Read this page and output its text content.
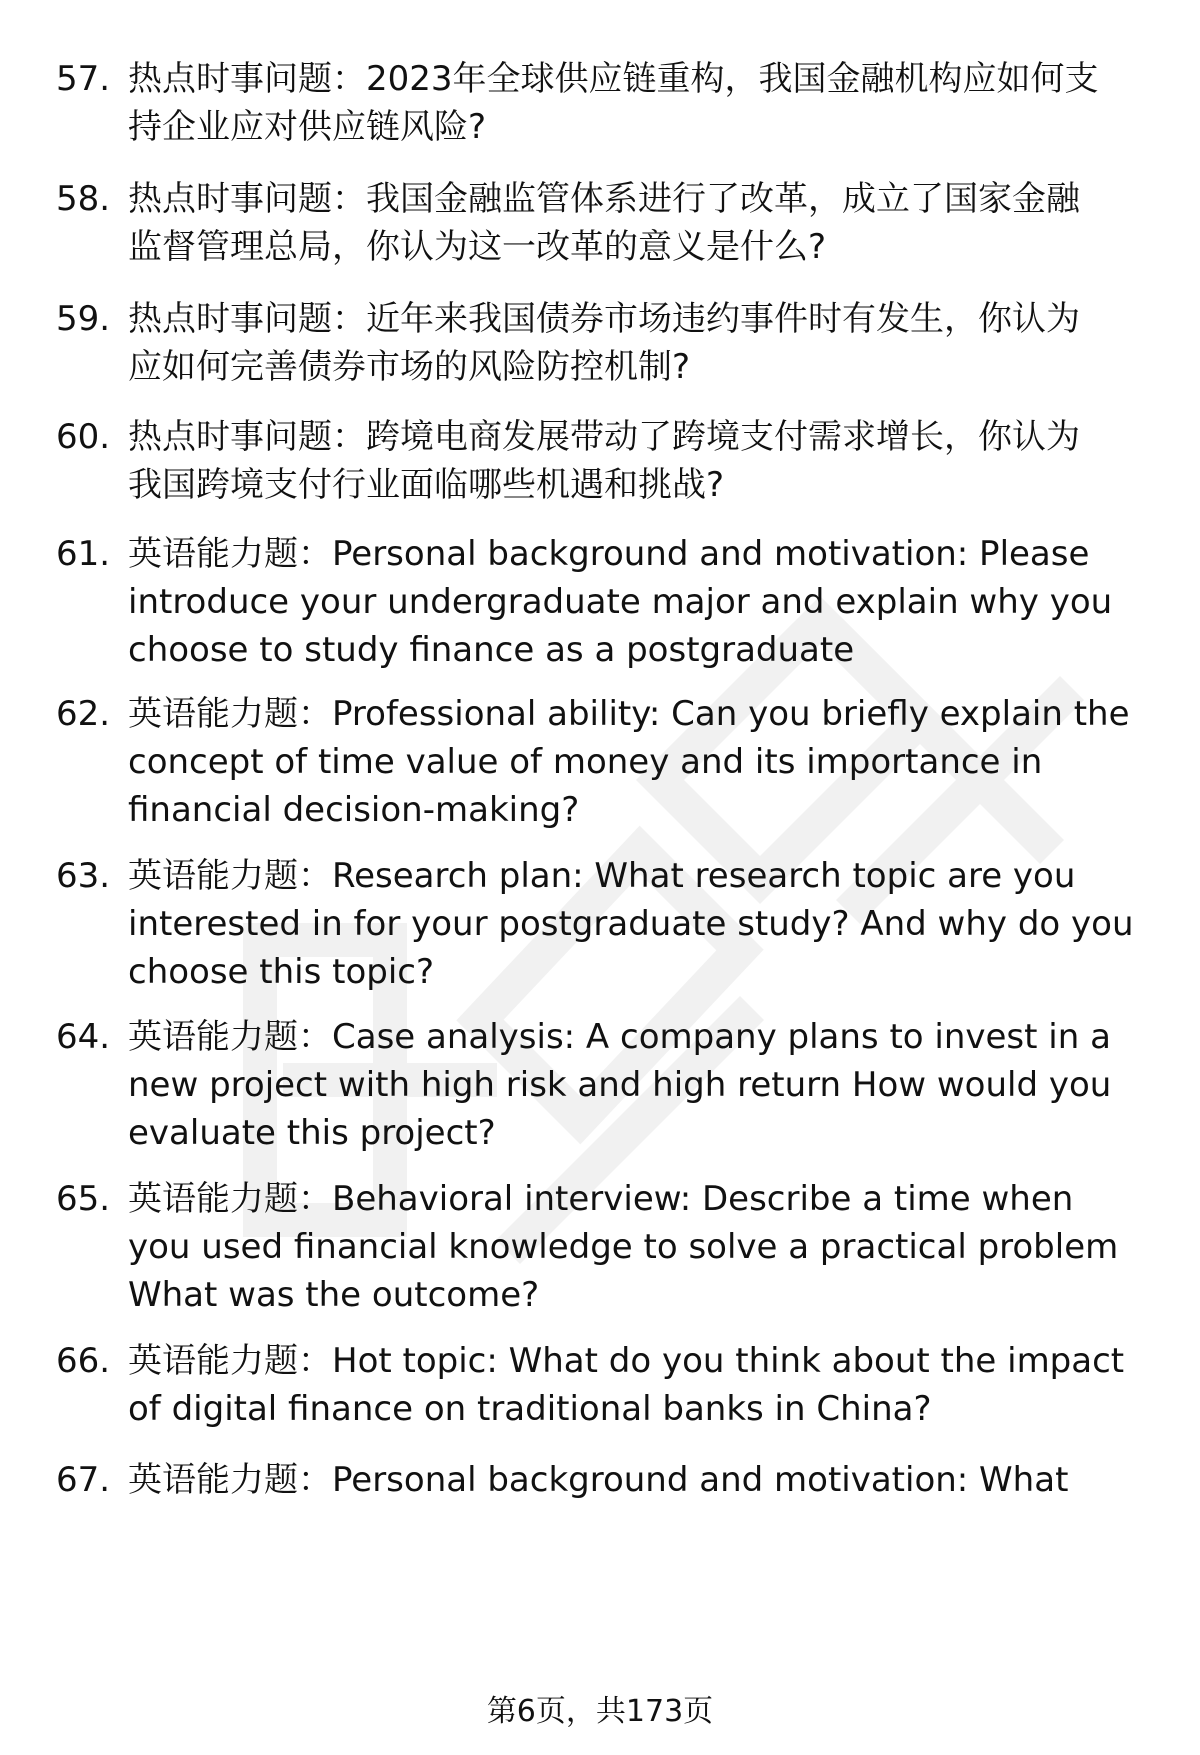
57. 热点时事问题：2023年全球供应链重构，我国金融机构应如何支
持企业应对供应链风险?
58. 热点时事问题：我国金融监管体系进行了改革，成立了国家金融
监督管理总局，你认为这一改革的意义是什么?
59. 热点时事问题：近年来我国债券市场违约事件时有发生，你认为
应如何完善债券市场的风险防控机制?
60. 热点时事问题：跨境电商发展带动了跨境支付需求增长，你认为
我国跨境支付行业面临哪些机遇和挑战?
61. 英语能力题：Personal background and motivation: Please
introduce your undergraduate major and explain why you
choose to study finance as a postgraduate
62. 英语能力题：Professional ability: Can you briefly explain the
concept of time value of money and its importance in
financial decision-making?
63. 英语能力题：Research plan: What research topic are you
interested in for your postgraduate study? And why do you
choose this topic?
64. 英语能力题：Case analysis: A company plans to invest in a
new project with high risk and high return How would you
evaluate this project?
65. 英语能力题：Behavioral interview: Describe a time when
you used financial knowledge to solve a practical problem
What was the outcome?
66. 英语能力题：Hot topic: What do you think about the impact
of digital finance on traditional banks in China?
67. 英语能力题：Personal background and motivation: What
第6页，共173页
